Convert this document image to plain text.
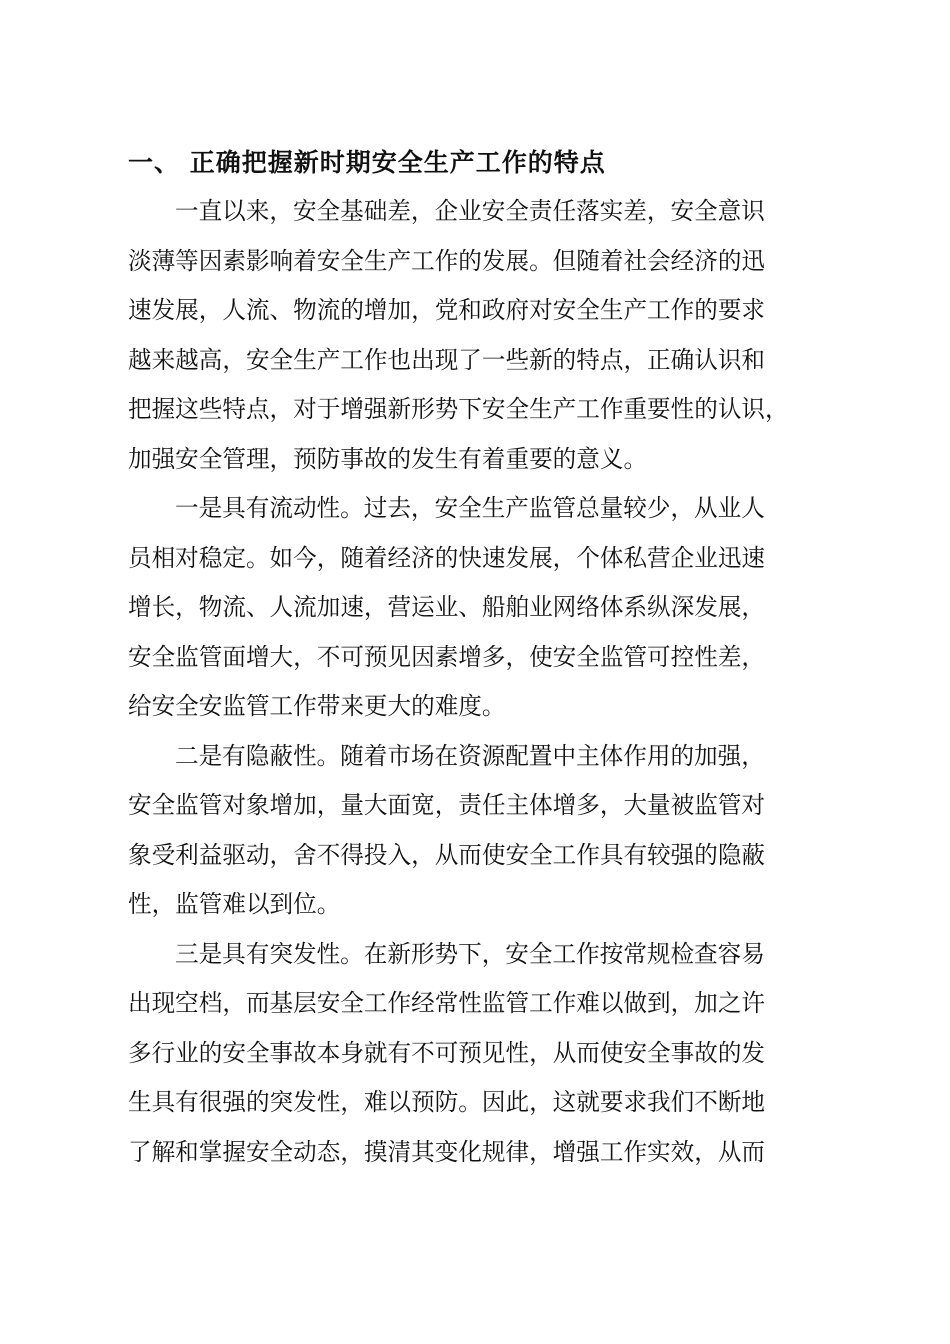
一、 正确把握新时期安全生产工作的特点
一直以来，安全基础差，企业安全责任落实差，安全意识
淡薄等因素影响着安全生产工作的发展。但随着社会经济的迅
速发展，人流、物流的增加，党和政府对安全生产工作的要求
越来越高，安全生产工作也出现了一些新的特点，正确认识和
把握这些特点，对于增强新形势下安全生产工作重要性的认识，
加强安全管理，预防事故的发生有着重要的意义。
一是具有流动性。过去，安全生产监管总量较少，从业人
员相对稳定。如今，随着经济的快速发展，个体私营企业迅速
增长，物流、人流加速，营运业、船舶业网络体系纵深发展，
安全监管面增大，不可预见因素增多，使安全监管可控性差，
给安全安监管工作带来更大的难度。
二是有隐蔽性。随着市场在资源配置中主体作用的加强，
安全监管对象增加，量大面宽，责任主体增多，大量被监管对
象受利益驱动，舍不得投入，从而使安全工作具有较强的隐蔽
性，监管难以到位。
三是具有突发性。在新形势下，安全工作按常规检查容易
出现空档，而基层安全工作经常性监管工作难以做到，加之许
多行业的安全事故本身就有不可预见性，从而使安全事故的发
生具有很强的突发性，难以预防。因此，这就要求我们不断地
了解和掌握安全动态，摸清其变化规律，增强工作实效，从而
